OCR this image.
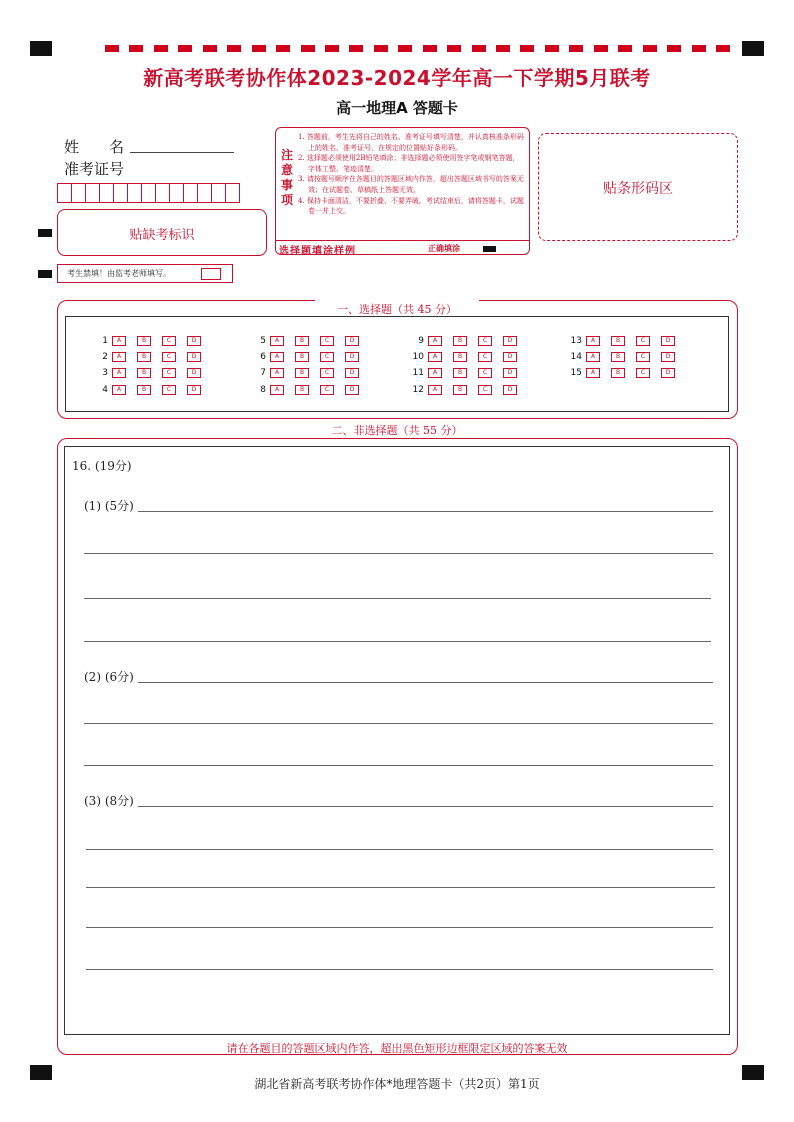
新高考联考协作体2023-2024学年高一下学期5月联考
高一地理A 答题卡
姓　　名
准考证号
贴缺考标识
考生禁填！由监考老师填写。
注意事项
1. 答题前，考生先将自己的姓名、准考证号填写清楚，并认真核准条形码上的姓名、准考证号，在规定的位置贴好条形码。
2. 选择题必须使用2B铅笔填涂；非选择题必须使用签字笔或钢笔答题，字体工整、笔迹清楚。
3. 请按题号顺序在各题目的答题区域内作答，超出答题区域书写的答案无效；在试题卷、草稿纸上答题无效。
4. 保持卡面清洁，不要折叠、不要弄破。考试结束后，请将答题卡，试题卷一并上交。
选择题填涂样例	正确填涂
贴条形码区
一、选择题（共 45 分）
1	A	B	C	D
2	A	B	C	D
3	A	B	C	D
4	A	B	C	D
5	A	B	C	D
6	A	B	C	D
7	A	B	C	D
8	A	B	C	D
9	A	B	C	D
10	A	B	C	D
11	A	B	C	D
12	A	B	C	D
13	A	B	C	D
14	A	B	C	D
15	A	B	C	D
二、非选择题（共 55 分）
16. (19分)
(1) (5分)
(2) (6分)
(3) (8分)
请在各题目的答题区域内作答，超出黑色矩形边框限定区域的答案无效
湖北省新高考联考协作体*地理答题卡（共2页）第1页
